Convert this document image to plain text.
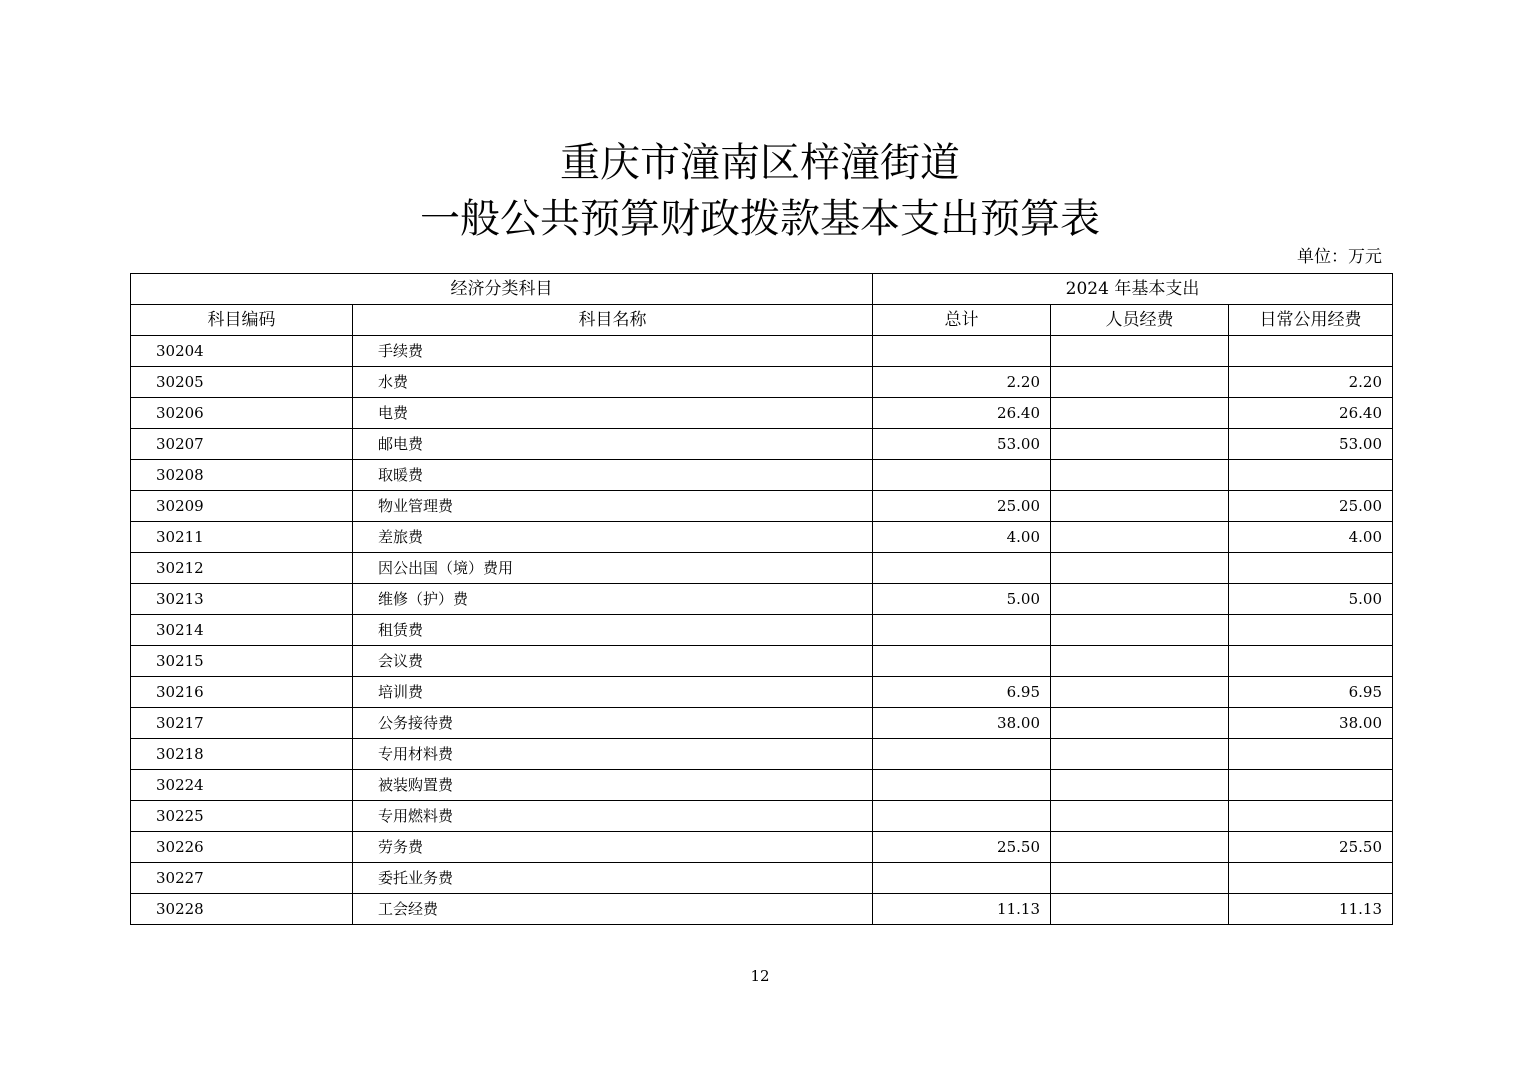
重庆市潼南区梓潼街道
一般公共预算财政拨款基本支出预算表
单位：万元
经济分类科目		2024 年基本支出		
科目编码	科目名称	总计	人员经费	日常公用经费
30204	手续费			
30205	水费	2.20		2.20
30206	电费	26.40		26.40
30207	邮电费	53.00		53.00
30208	取暖费			
30209	物业管理费	25.00		25.00
30211	差旅费	4.00		4.00
30212	因公出国（境）费用			
30213	维修（护）费	5.00		5.00
30214	租赁费			
30215	会议费			
30216	培训费	6.95		6.95
30217	公务接待费	38.00		38.00
30218	专用材料费			
30224	被装购置费			
30225	专用燃料费			
30226	劳务费	25.50		25.50
30227	委托业务费			
30228	工会经费	11.13		11.13
12
